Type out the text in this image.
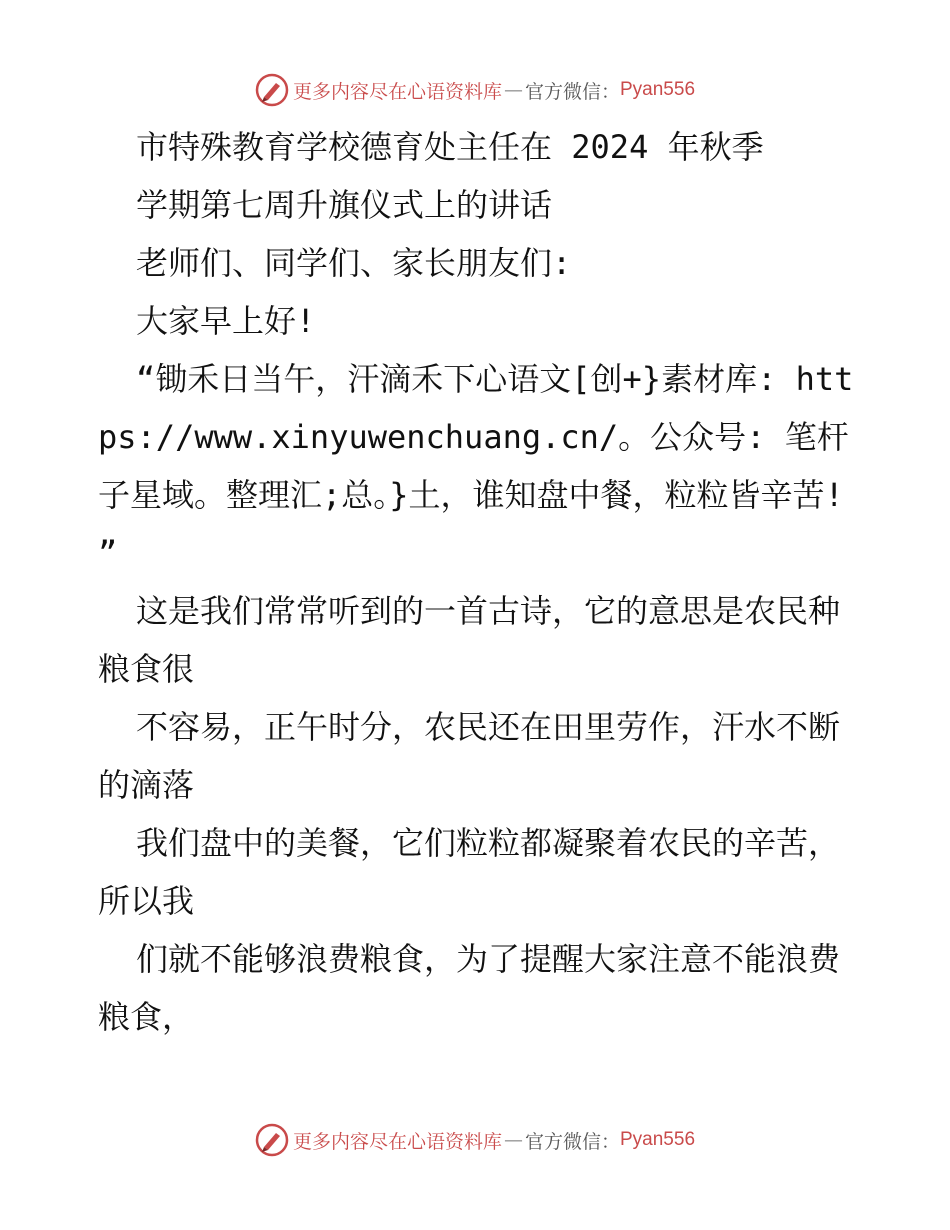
更多内容尽在心语资料库 — 官方微信： Pyan556

市特殊教育学校德育处主任在 2024 年秋季

学期第七周升旗仪式上的讲话

老师们、同学们、家长朋友们:

大家早上好!

“锄禾日当午，汗滴禾下心语文[创+}素材库: https://www.xinyuwenchuang.cn/。公众号: 笔杆子星域。整理汇;总。}土，谁知盘中餐，粒粒皆辛苦! ”

这是我们常常听到的一首古诗，它的意思是农民种粮食很

不容易，正午时分，农民还在田里劳作，汗水不断的滴落

我们盘中的美餐，它们粒粒都凝聚着农民的辛苦，所以我

们就不能够浪费粮食，为了提醒大家注意不能浪费粮食，

更多内容尽在心语资料库 — 官方微信： Pyan556
